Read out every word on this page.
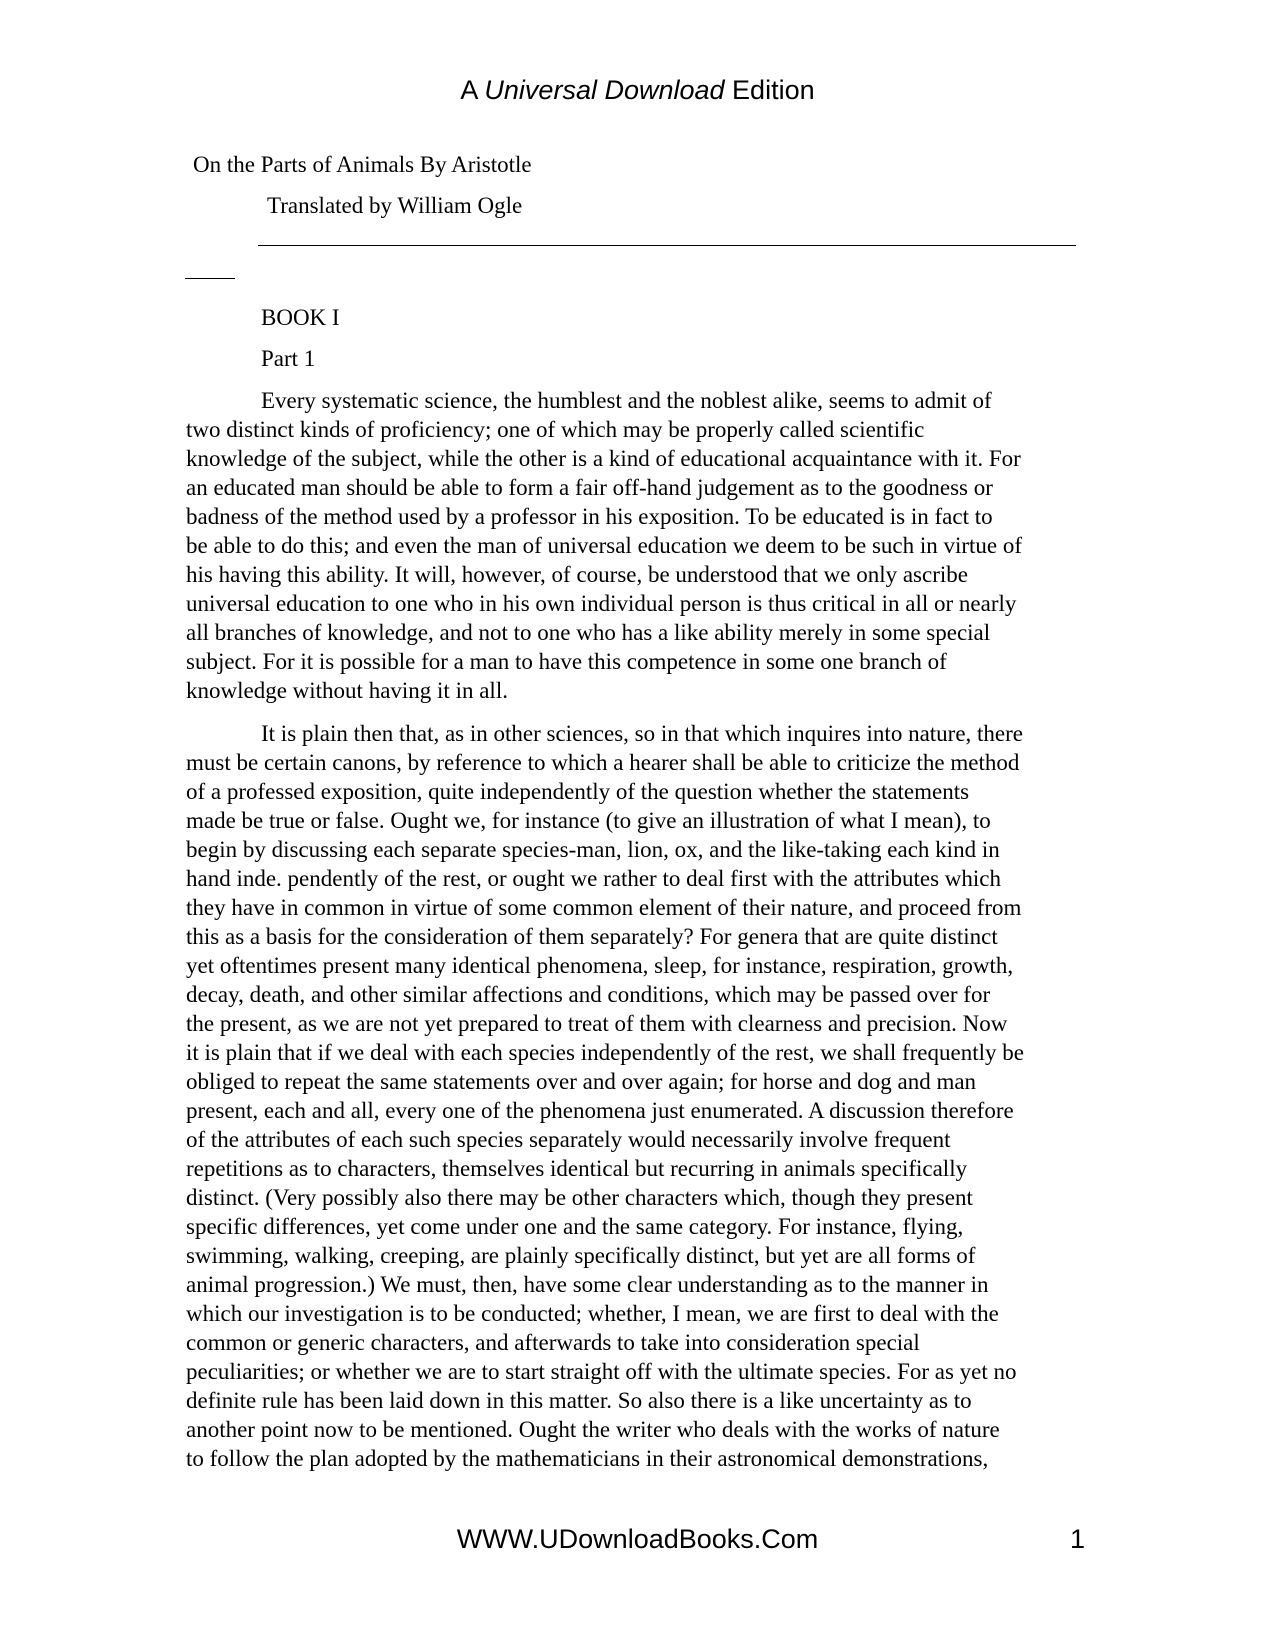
A Universal Download Edition
On the Parts of Animals By Aristotle
Translated by William Ogle
BOOK I
Part 1
Every systematic science, the humblest and the noblest alike, seems to admit of
two distinct kinds of proficiency; one of which may be properly called scientific
knowledge of the subject, while the other is a kind of educational acquaintance with it. For
an educated man should be able to form a fair off-hand judgement as to the goodness or
badness of the method used by a professor in his exposition. To be educated is in fact to
be able to do this; and even the man of universal education we deem to be such in virtue of
his having this ability. It will, however, of course, be understood that we only ascribe
universal education to one who in his own individual person is thus critical in all or nearly
all branches of knowledge, and not to one who has a like ability merely in some special
subject. For it is possible for a man to have this competence in some one branch of
knowledge without having it in all.
It is plain then that, as in other sciences, so in that which inquires into nature, there
must be certain canons, by reference to which a hearer shall be able to criticize the method
of a professed exposition, quite independently of the question whether the statements
made be true or false. Ought we, for instance (to give an illustration of what I mean), to
begin by discussing each separate species-man, lion, ox, and the like-taking each kind in
hand inde. pendently of the rest, or ought we rather to deal first with the attributes which
they have in common in virtue of some common element of their nature, and proceed from
this as a basis for the consideration of them separately? For genera that are quite distinct
yet oftentimes present many identical phenomena, sleep, for instance, respiration, growth,
decay, death, and other similar affections and conditions, which may be passed over for
the present, as we are not yet prepared to treat of them with clearness and precision. Now
it is plain that if we deal with each species independently of the rest, we shall frequently be
obliged to repeat the same statements over and over again; for horse and dog and man
present, each and all, every one of the phenomena just enumerated. A discussion therefore
of the attributes of each such species separately would necessarily involve frequent
repetitions as to characters, themselves identical but recurring in animals specifically
distinct. (Very possibly also there may be other characters which, though they present
specific differences, yet come under one and the same category. For instance, flying,
swimming, walking, creeping, are plainly specifically distinct, but yet are all forms of
animal progression.) We must, then, have some clear understanding as to the manner in
which our investigation is to be conducted; whether, I mean, we are first to deal with the
common or generic characters, and afterwards to take into consideration special
peculiarities; or whether we are to start straight off with the ultimate species. For as yet no
definite rule has been laid down in this matter. So also there is a like uncertainty as to
another point now to be mentioned. Ought the writer who deals with the works of nature
to follow the plan adopted by the mathematicians in their astronomical demonstrations,
WWW.UDownloadBooks.Com	1
